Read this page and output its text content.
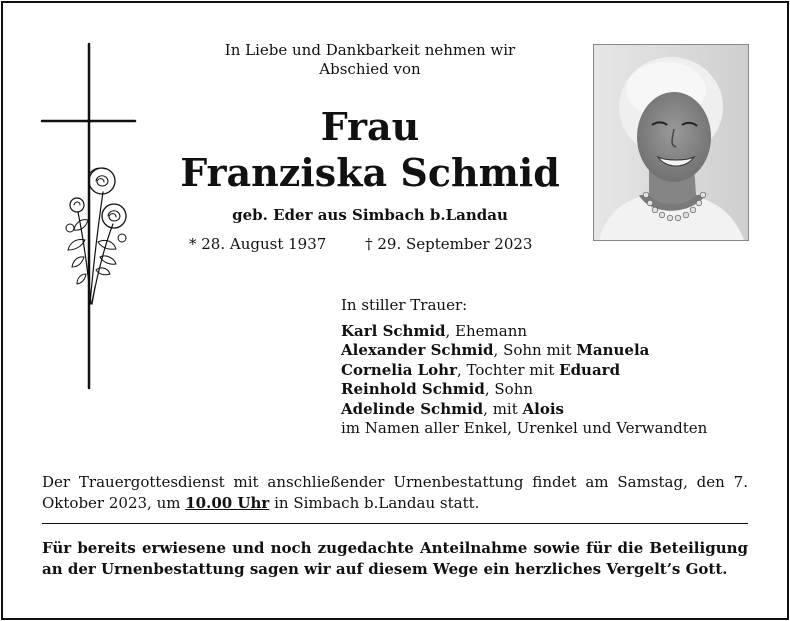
In Liebe und Dankbarkeit nehmen wir
Abschied von
Frau
Franziska Schmid
geb. Eder aus Simbach b.Landau
* 28. August 1937	† 29. September 2023
In stiller Trauer:
Karl Schmid, Ehemann
Alexander Schmid, Sohn mit Manuela
Cornelia Lohr, Tochter mit Eduard
Reinhold Schmid, Sohn
Adelinde Schmid, mit Alois
im Namen aller Enkel, Urenkel und Verwandten
Der Trauergottesdienst mit anschließender Urnenbestattung findet am Samstag, den 7. Oktober 2023, um 10.00 Uhr in Simbach b.Landau statt.
Für bereits erwiesene und noch zugedachte Anteilnahme sowie für die Beteiligung an der Urnenbestattung sagen wir auf diesem Wege ein herzliches Vergelt’s Gott.
